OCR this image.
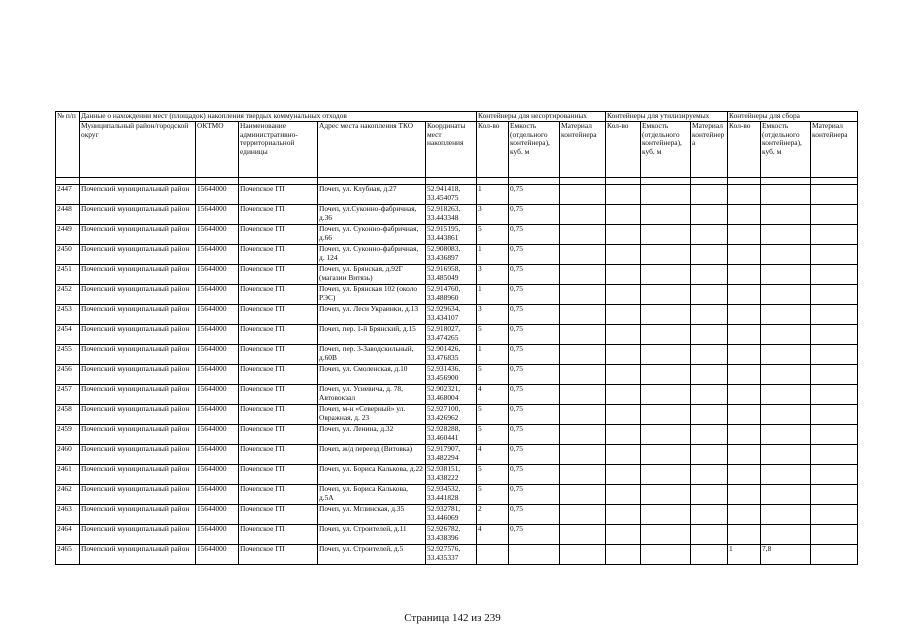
№ п/п	Данные о нахождении мест (площадок) накопления твердых коммунальных отходов					Контейнеры для несортированных			Контейнеры для утилизируемых			Контейнеры для сбора		
	Муниципальный район/городской округ	ОКТМО	Наименование административно-территориальной единицы	Адрес места накопления ТКО	Координаты мест накопления	Кол-во	Емкость (отдельного контейнера), куб. м	Материал контейнера	Кол-во	Емкость (отдельного контейнера), куб. м	Материал контейнер а	Кол-во	Емкость (отдельного контейнера), куб. м	Материал контейнера

2447	Почепский муниципальный район	15644000	Почепское ГП	Почеп, ул. Клубная, д.27	52.941418, 33.454075	1	0,75							
2448	Почепский муниципальный район	15644000	Почепское ГП	Почеп, ул.Суконно-фабричная, д.36	52.918263, 33.443348	3	0,75							
2449	Почепский муниципальный район	15644000	Почепское ГП	Почеп, ул. Суконно-фабричная, д.66	52.915195, 33.443861	5	0,75							
2450	Почепский муниципальный район	15644000	Почепское ГП	Почеп, ул. Суконно-фабричная, д. 124	52.908083, 33.436897	1	0,75							
2451	Почепский муниципальный район	15644000	Почепское ГП	Почеп, ул. Брянская, д.92Г (магазин Витязь)	52.916958, 33.485049	3	0,75							
2452	Почепский муниципальный район	15644000	Почепское ГП	Почеп, ул. Брянская 102 (около РЭС)	52.914760, 33.488960	1	0,75							
2453	Почепский муниципальный район	15644000	Почепское ГП	Почеп, ул. Леси Украинки, д.13	52.929634, 33.434107	3	0,75							
2454	Почепский муниципальный район	15644000	Почепское ГП	Почеп, пер. 1-й Брянский, д.15	52.918027, 33.474265	5	0,75							
2455	Почепский муниципальный район	15644000	Почепское ГП	Почеп, пер. 3-Заводскильный, д.60В	52.901426, 33.476835	1	0,75							
2456	Почепский муниципальный район	15644000	Почепское ГП	Почеп, ул. Смоленская, д.10	52.931436, 33.456900	5	0,75							
2457	Почепский муниципальный район	15644000	Почепское ГП	Почеп, ул. Усиевича, д. 78, Автовокзал	52.902321, 33.468004	4	0,75							
2458	Почепский муниципальный район	15644000	Почепское ГП	Почеп, м-н «Северный» ул. Овражная, д. 23	52.927100, 33.426962	5	0,75							
2459	Почепский муниципальный район	15644000	Почепское ГП	Почеп, ул. Ленина, д.32	52.928288, 33.460441	5	0,75							
2460	Почепский муниципальный район	15644000	Почепское ГП	Почеп, ж/д переезд (Витовка)	52.917907, 33.482294	4	0,75							
2461	Почепский муниципальный район	15644000	Почепское ГП	Почеп, ул. Бориса Калькова, д.22	52.938151, 33.438222	5	0,75							
2462	Почепский муниципальный район	15644000	Почепское ГП	Почеп, ул. Бориса Калькова, д.5А	52.934532, 33.441828	5	0,75							
2463	Почепский муниципальный район	15644000	Почепское ГП	Почеп, ул. Мглинская, д.35	52.932781, 33.446069	2	0,75							
2464	Почепский муниципальный район	15644000	Почепское ГП	Почеп, ул. Строителей, д.11	52.926782, 33.438396	4	0,75							
2465	Почепский муниципальный район	15644000	Почепское ГП	Почеп, ул. Строителей, д.5	52.927576, 33.435337							1	7,8	
Страница 142 из 239
